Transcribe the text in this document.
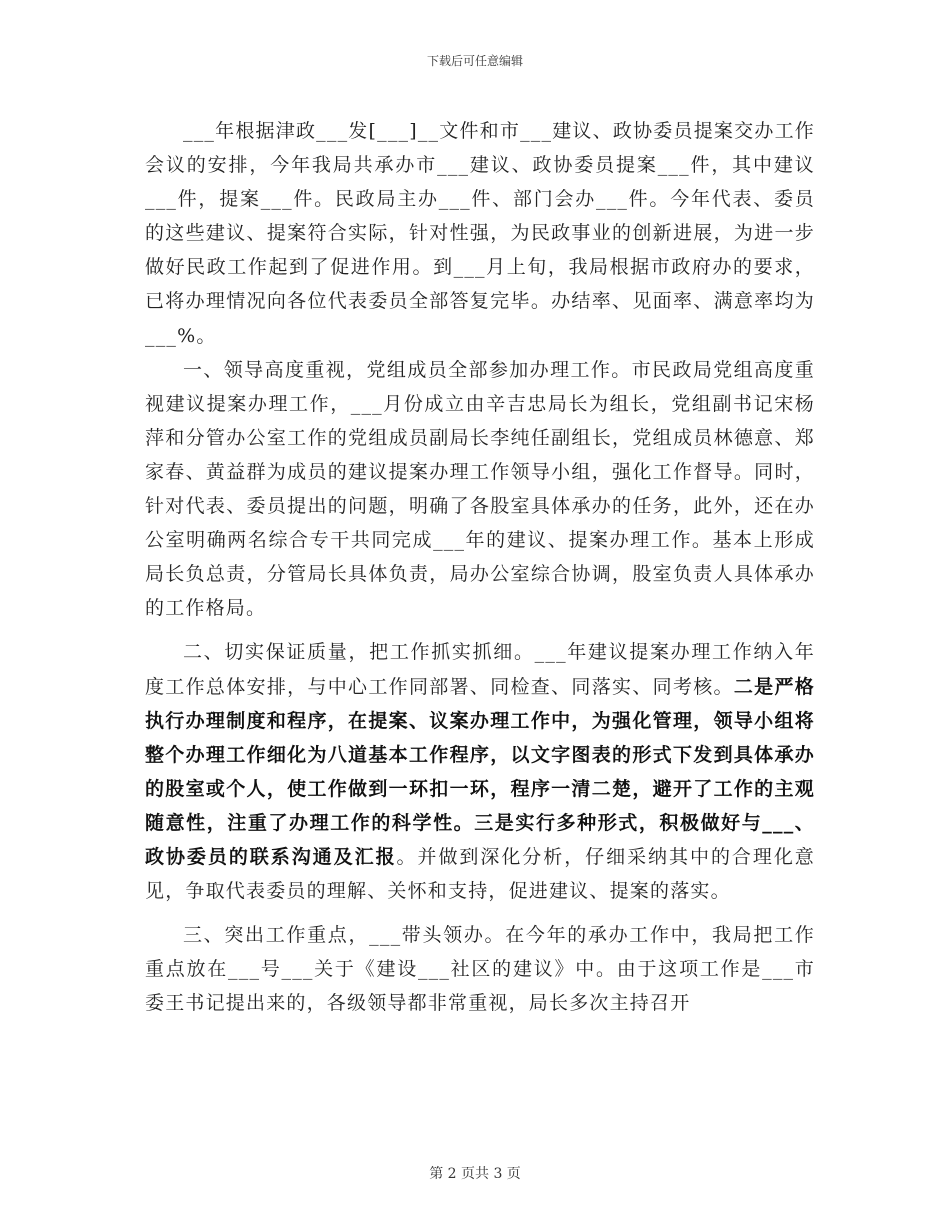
下载后可任意编辑

___年根据津政___发[___]__文件和市___建议、政协委员提案交办工作会议的安排，今年我局共承办市___建议、政协委员提案___件，其中建议___件，提案___件。民政局主办___件、部门会办___件。今年代表、委员的这些建议、提案符合实际，针对性强，为民政事业的创新进展，为进一步做好民政工作起到了促进作用。到___月上旬，我局根据市政府办的要求，已将办理情况向各位代表委员全部答复完毕。办结率、见面率、满意率均为___%。

一、领导高度重视，党组成员全部参加办理工作。市民政局党组高度重视建议提案办理工作，___月份成立由辛吉忠局长为组长，党组副书记宋杨萍和分管办公室工作的党组成员副局长李纯任副组长，党组成员林德意、郑家春、黄益群为成员的建议提案办理工作领导小组，强化工作督导。同时，针对代表、委员提出的问题，明确了各股室具体承办的任务，此外，还在办公室明确两名综合专干共同完成___年的建议、提案办理工作。基本上形成局长负总责，分管局长具体负责，局办公室综合协调，股室负责人具体承办的工作格局。

二、切实保证质量，把工作抓实抓细。___年建议提案办理工作纳入年度工作总体安排，与中心工作同部署、同检查、同落实、同考核。二是严格执行办理制度和程序，在提案、议案办理工作中，为强化管理，领导小组将整个办理工作细化为八道基本工作程序，以文字图表的形式下发到具体承办的股室或个人，使工作做到一环扣一环，程序一清二楚，避开了工作的主观随意性，注重了办理工作的科学性。三是实行多种形式，积极做好与___、政协委员的联系沟通及汇报。并做到深化分析，仔细采纳其中的合理化意见，争取代表委员的理解、关怀和支持，促进建议、提案的落实。

三、突出工作重点，___带头领办。在今年的承办工作中，我局把工作重点放在___号___关于《建设___社区的建议》中。由于这项工作是___市委王书记提出来的，各级领导都非常重视，局长多次主持召开

第 2 页共 3 页
